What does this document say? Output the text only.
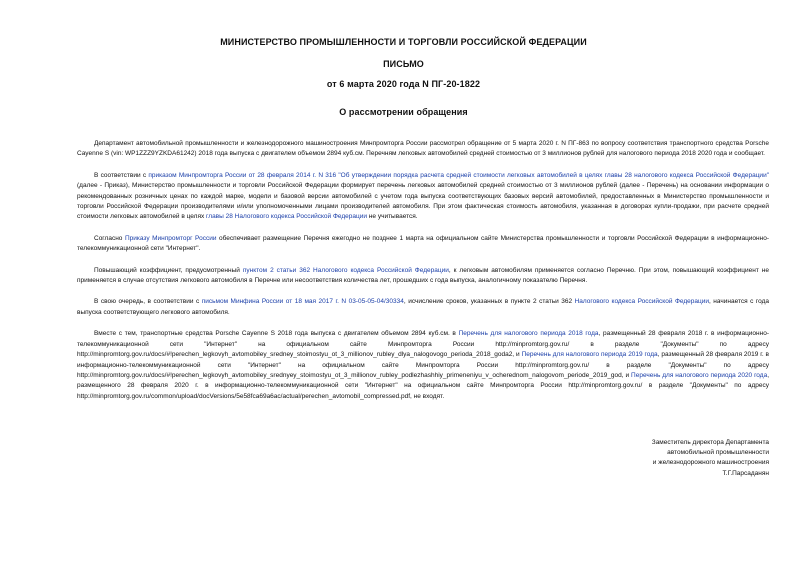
МИНИСТЕРСТВО ПРОМЫШЛЕННОСТИ И ТОРГОВЛИ РОССИЙСКОЙ ФЕДЕРАЦИИ
ПИСЬМО
от 6 марта 2020 года N ПГ-20-1822
О рассмотрении обращения

Департамент автомобильной промышленности и железнодорожного машиностроения Минпромторга России рассмотрел обращение от 5 марта 2020 г. N ПГ-863 по вопросу соответствия транспортного средства Porsche Cayenne S (vin: WP1ZZZ9YZKDA61242) 2018 года выпуска с двигателем объемом 2894 куб.см. Перечням легковых автомобилей средней стоимостью от 3 миллионов рублей для налогового периода 2018 2020 года и сообщает.

В соответствии с приказом Минпромторга России от 28 февраля 2014 г. N 316 "Об утверждении порядка расчета средней стоимости легковых автомобилей в целях главы 28 налогового кодекса Российской Федерации" (далее - Приказ), Министерство промышленности и торговли Российской Федерации формирует перечень легковых автомобилей средней стоимостью от 3 миллионов рублей (далее - Перечень) на основании информации о рекомендованных розничных ценах по каждой марке, модели и базовой версии автомобилей с учетом года выпуска соответствующих базовых версий автомобилей, предоставленных в Министерство промышленности и торговли Российской Федерации производителями и/или уполномоченными лицами производителей автомобиля. При этом фактическая стоимость автомобиля, указанная в договорах купли-продажи, при расчете средней стоимости легковых автомобилей в целях главы 28 Налогового кодекса Российской Федерации не учитывается.

Согласно Приказу Минпромторг России обеспечивает размещение Перечня ежегодно не позднее 1 марта на официальном сайте Министерства промышленности и торговли Российской Федерации в информационно-телекоммуникационной сети "Интернет".

Повышающий коэффициент, предусмотренный пунктом 2 статьи 362 Налогового кодекса Российской Федерации, к легковым автомобилям применяется согласно Перечню. При этом, повышающий коэффициент не применяется в случае отсутствия легкового автомобиля в Перечне или несоответствия количества лет, прошедших с года выпуска, аналогичному показателю Перечня.

В свою очередь, в соответствии с письмом Минфина России от 18 мая 2017 г. N 03-05-05-04/30334, исчисление сроков, указанных в пункте 2 статьи 362 Налогового кодекса Российской Федерации, начинается с года выпуска соответствующего легкового автомобиля.

Вместе с тем, транспортные средства Porsche Cayenne S 2018 года выпуска с двигателем объемом 2894 куб.см. в Перечень для налогового периода 2018 года, размещенный 28 февраля 2018 г. в информационно-телекоммуникационной сети "Интернет" на официальном сайте Минпромторга России http://minpromtorg.gov.ru/ в разделе "Документы" по адресу http://minpromtorg.gov.ru/docs/#!perechen_legkovyh_avtomobiley_sredney_stoimostyu_ot_3_millionov_rubley_dlya_nalogovogo_perioda_2018_goda2, и Перечень для налогового периода 2019 года, размещенный 28 февраля 2019 г. в информационно-телекоммуникационной сети "Интернет" на официальном сайте Минпромторга России http://minpromtorg.gov.ru/ в разделе "Документы" по адресу http://minpromtorg.gov.ru/docs/#!perechen_legkovyh_avtomobiley_srednyey_stoimostyu_ot_3_millionov_rubley_podlezhashhiy_primeneniyu_v_ocherednom_nalogovom_periode_2019_god, и Перечень для налогового периода 2020 года, размещенного 28 февраля 2020 г. в информационно-телекоммуникационной сети "Интернет" на официальном сайте Минпромторга России http://minpromtorg.gov.ru/ в разделе "Документы" по адресу http://minpromtorg.gov.ru/common/upload/docVersions/5e58fca69a6ac/actual/perechen_avtomobil_compressed.pdf, не входят.

Заместитель директора Департамента
автомобильной промышленности
и железнодорожного машиностроения
Т.Г.Парсаданян
